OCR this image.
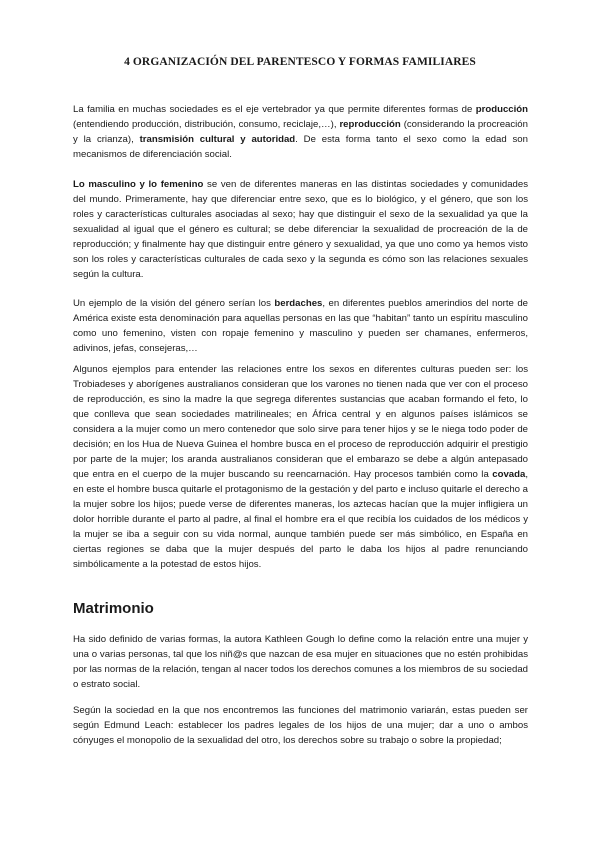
4 ORGANIZACIÓN DEL PARENTESCO Y FORMAS FAMILIARES

La familia en muchas sociedades es el eje vertebrador ya que permite diferentes formas de producción (entendiendo producción, distribución, consumo, reciclaje,…), reproducción (considerando la procreación y la crianza), transmisión cultural y autoridad. De esta forma tanto el sexo como la edad son mecanismos de diferenciación social.

Lo masculino y lo femenino se ven de diferentes maneras en las distintas sociedades y comunidades del mundo. Primeramente, hay que diferenciar entre sexo, que es lo biológico, y el género, que son los roles y características culturales asociadas al sexo; hay que distinguir el sexo de la sexualidad ya que la sexualidad al igual que el género es cultural; se debe diferenciar la sexualidad de procreación de la de reproducción; y finalmente hay que distinguir entre género y sexualidad, ya que uno como ya hemos visto son los roles y características culturales de cada sexo y la segunda es cómo son las relaciones sexuales según la cultura.

Un ejemplo de la visión del género serían los berdaches, en diferentes pueblos amerindios del norte de América existe esta denominación para aquellas personas en las que “habitan” tanto un espíritu masculino como uno femenino, visten con ropaje femenino y masculino y pueden ser chamanes, enfermeros, adivinos, jefas, consejeras,…

Algunos ejemplos para entender las relaciones entre los sexos en diferentes culturas pueden ser: los Trobiadeses y aborígenes australianos consideran que los varones no tienen nada que ver con el proceso de reproducción, es sino la madre la que segrega diferentes sustancias que acaban formando el feto, lo que conlleva que sean sociedades matrilineales; en África central y en algunos países islámicos se considera a la mujer como un mero contenedor que solo sirve para tener hijos y se le niega todo poder de decisión; en los Hua de Nueva Guinea el hombre busca en el proceso de reproducción adquirir el prestigio por parte de la mujer; los aranda australianos consideran que el embarazo se debe a algún antepasado que entra en el cuerpo de la mujer buscando su reencarnación. Hay procesos también como la covada, en este el hombre busca quitarle el protagonismo de la gestación y del parto e incluso quitarle el derecho a la mujer sobre los hijos; puede verse de diferentes maneras, los aztecas hacían que la mujer infligiera un dolor horrible durante el parto al padre, al final el hombre era el que recibía los cuidados de los médicos y la mujer se iba a seguir con su vida normal, aunque también puede ser más simbólico, en España en ciertas regiones se daba que la mujer después del parto le daba los hijos al padre renunciando simbólicamente a la potestad de estos hijos.

Matrimonio

Ha sido definido de varias formas, la autora Kathleen Gough lo define como la relación entre una mujer y una o varias personas, tal que los niñ@s que nazcan de esa mujer en situaciones que no estén prohibidas por las normas de la relación, tengan al nacer todos los derechos comunes a los miembros de su sociedad o estrato social.

Según la sociedad en la que nos encontremos las funciones del matrimonio variarán, estas pueden ser según Edmund Leach: establecer los padres legales de los hijos de una mujer; dar a uno o ambos cónyuges el monopolio de la sexualidad del otro, los derechos sobre su trabajo o sobre la propiedad;
